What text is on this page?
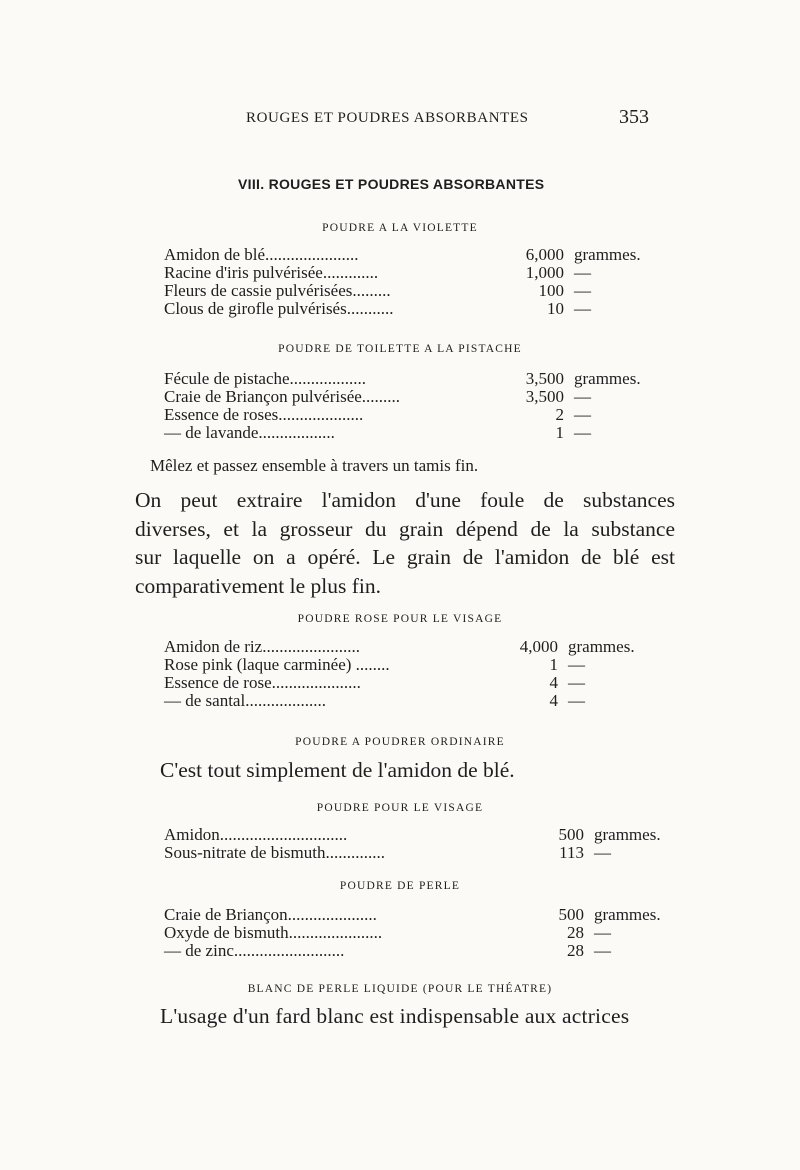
ROUGES ET POUDRES ABSORBANTES	353
VIII. ROUGES ET POUDRES ABSORBANTES
POUDRE A LA VIOLETTE
Amidon de blé......................	6,000 grammes.
Racine d'iris pulvérisée.............	1,000 —
Fleurs de cassie pulvérisées.........	100 —
Clous de girofle pulvérisés...........	10 —
POUDRE DE TOILETTE A LA PISTACHE
Fécule de pistache..................	3,500 grammes.
Craie de Briançon pulvérisée.........	3,500 —
Essence de roses....................	2 —
— de lavande..................	1 —
Mêlez et passez ensemble à travers un tamis fin.
On peut extraire l'amidon d'une foule de substances
diverses, et la grosseur du grain dépend de la substance
sur laquelle on a opéré. Le grain de l'amidon de blé est
comparativement le plus fin.
POUDRE ROSE POUR LE VISAGE
Amidon de riz.......................	4,000 grammes.
Rose pink (laque carminée) ........	1 —
Essence de rose.....................	4 —
— de santal...................	4 —
POUDRE A POUDRER ORDINAIRE
C'est tout simplement de l'amidon de blé.
POUDRE POUR LE VISAGE
Amidon..............................	500 grammes.
Sous-nitrate de bismuth..............	113 —
POUDRE DE PERLE
Craie de Briançon.....................	500 grammes.
Oxyde de bismuth......................	28 —
— de zinc..........................	28 —
BLANC DE PERLE LIQUIDE (POUR LE THÉATRE)
L'usage d'un fard blanc est indispensable aux actrices
